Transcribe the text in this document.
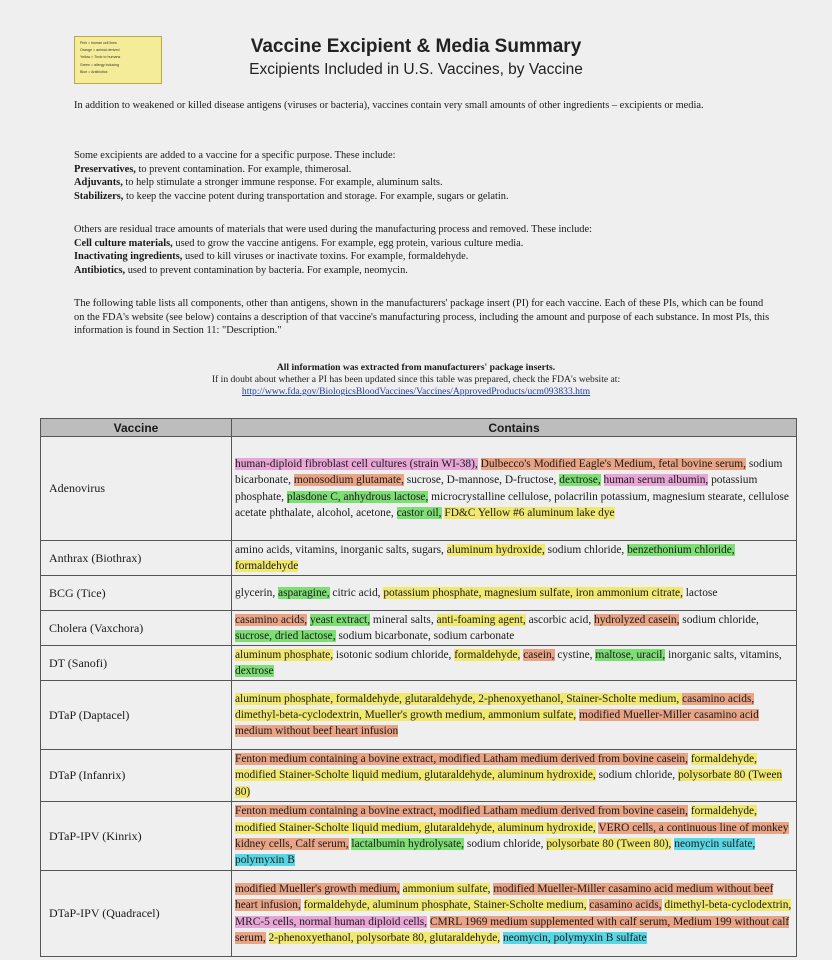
Pink = human cell lines
Orange = animal derived
Yellow = Toxic to humans
Green = allergy inducing
Blue = Antibiotics
Vaccine Excipient & Media Summary
Excipients Included in U.S. Vaccines, by Vaccine

In addition to weakened or killed disease antigens (viruses or bacteria), vaccines contain very small amounts of other ingredients – excipients or media.

Some excipients are added to a vaccine for a specific purpose. These include:

Preservatives, to prevent contamination. For example, thimerosal.

Adjuvants, to help stimulate a stronger immune response. For example, aluminum salts.

Stabilizers, to keep the vaccine potent during transportation and storage. For example, sugars or gelatin.

Others are residual trace amounts of materials that were used during the manufacturing process and removed. These include:

Cell culture materials, used to grow the vaccine antigens. For example, egg protein, various culture media.

Inactivating ingredients, used to kill viruses or inactivate toxins. For example, formaldehyde.

Antibiotics, used to prevent contamination by bacteria. For example, neomycin.

The following table lists all components, other than antigens, shown in the manufacturers' package insert (PI) for each vaccine. Each of these PIs, which can be found on the FDA's website (see below) contains a description of that vaccine's manufacturing process, including the amount and purpose of each substance. In most PIs, this information is found in Section 11: "Description."

All information was extracted from manufacturers' package inserts.
If in doubt about whether a PI has been updated since this table was prepared, check the FDA's website at:
http://www.fda.gov/BiologicsBloodVaccines/Vaccines/ApprovedProducts/ucm093833.htm
Vaccine	Contains
Adenovirus	human-diploid fibroblast cell cultures (strain WI-38), Dulbecco's Modified Eagle's Medium, fetal bovine serum, sodium bicarbonate, monosodium glutamate, sucrose, D-mannose, D-fructose, dextrose, human serum albumin, potassium phosphate, plasdone C, anhydrous lactose, microcrystalline cellulose, polacrilin potassium, magnesium stearate, cellulose acetate phthalate, alcohol, acetone, castor oil, FD&C Yellow #6 aluminum lake dye
Anthrax (Biothrax)	amino acids, vitamins, inorganic salts, sugars, aluminum hydroxide, sodium chloride, benzethonium chloride, formaldehyde
BCG (Tice)	glycerin, asparagine, citric acid, potassium phosphate, magnesium sulfate, iron ammonium citrate, lactose
Cholera (Vaxchora)	casamino acids, yeast extract, mineral salts, anti-foaming agent, ascorbic acid, hydrolyzed casein, sodium chloride, sucrose, dried lactose, sodium bicarbonate, sodium carbonate
DT (Sanofi)	aluminum phosphate, isotonic sodium chloride, formaldehyde, casein, cystine, maltose, uracil, inorganic salts, vitamins, dextrose
DTaP (Daptacel)	aluminum phosphate, formaldehyde, glutaraldehyde, 2-phenoxyethanol, Stainer-Scholte medium, casamino acids, dimethyl-beta-cyclodextrin, Mueller's growth medium, ammonium sulfate, modified Mueller-Miller casamino acid medium without beef heart infusion
DTaP (Infanrix)	Fenton medium containing a bovine extract, modified Latham medium derived from bovine casein, formaldehyde, modified Stainer-Scholte liquid medium, glutaraldehyde, aluminum hydroxide, sodium chloride, polysorbate 80 (Tween 80)
DTaP-IPV (Kinrix)	Fenton medium containing a bovine extract, modified Latham medium derived from bovine casein, formaldehyde, modified Stainer-Scholte liquid medium, glutaraldehyde, aluminum hydroxide, VERO cells, a continuous line of monkey kidney cells, Calf serum, lactalbumin hydrolysate, sodium chloride, polysorbate 80 (Tween 80), neomycin sulfate, polymyxin B
DTaP-IPV (Quadracel)	modified Mueller's growth medium, ammonium sulfate, modified Mueller-Miller casamino acid medium without beef heart infusion, formaldehyde, aluminum phosphate, Stainer-Scholte medium, casamino acids, dimethyl-beta-cyclodextrin, MRC-5 cells, normal human diploid cells, CMRL 1969 medium supplemented with calf serum, Medium 199 without calf serum, 2-phenoxyethanol, polysorbate 80, glutaraldehyde, neomycin, polymyxin B sulfate
